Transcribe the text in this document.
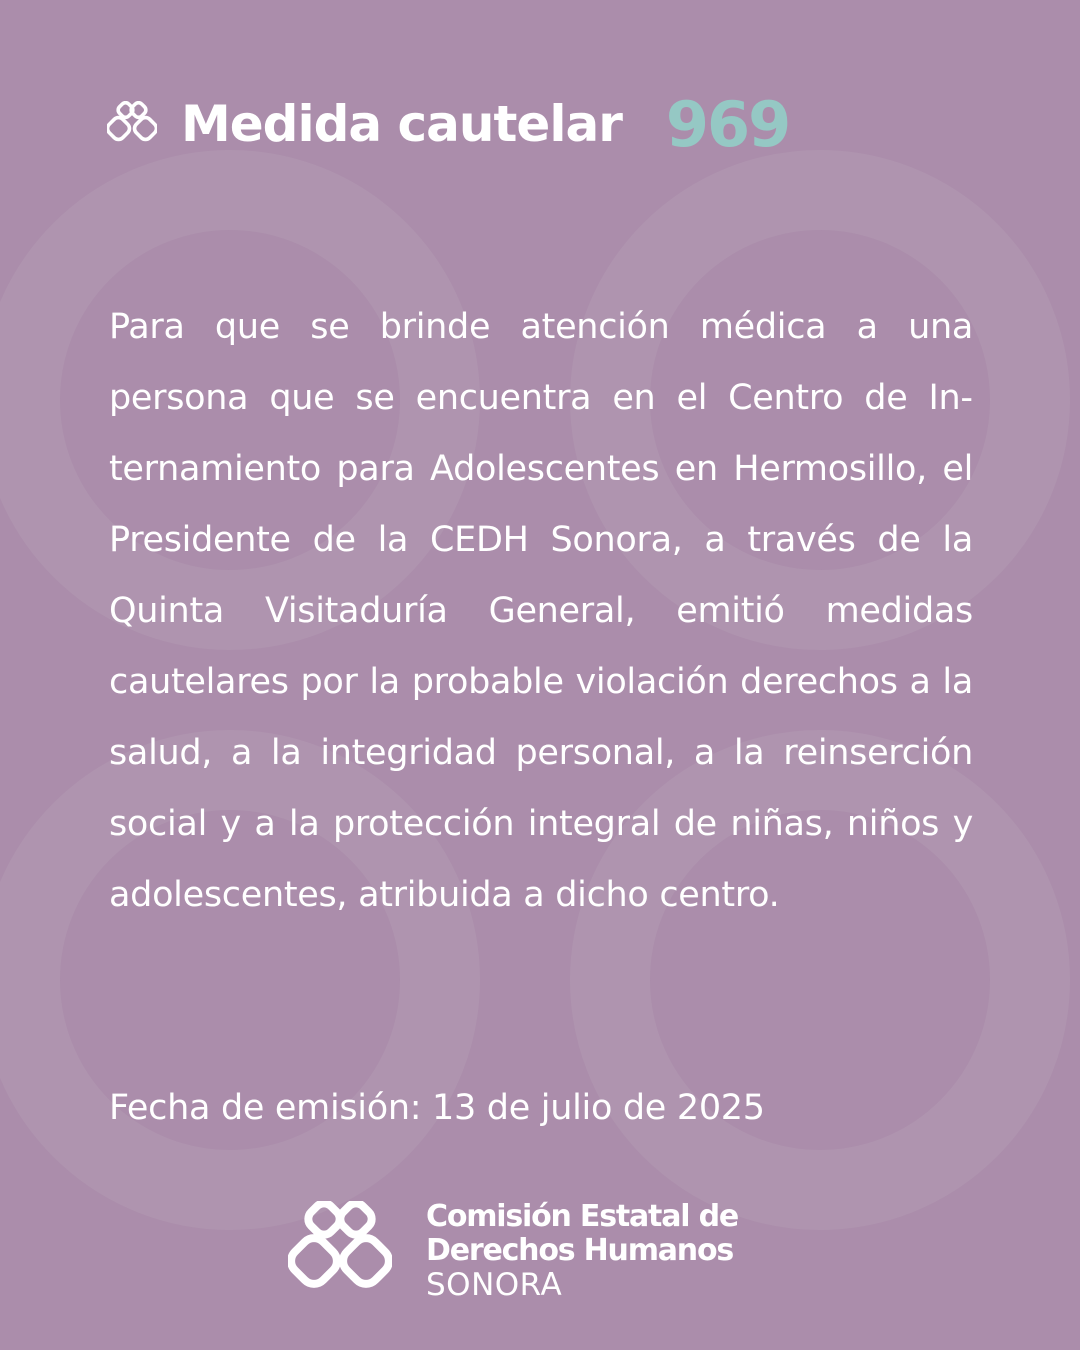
Medida cautelar 969

Para que se brinde atención médica a una persona que se encuentra en el Centro de Internamiento para Adolescentes en Hermosillo, el Presidente de la CEDH Sonora, a través de la Quinta Visitaduría General, emitió medidas cautelares por la probable violación derechos a la salud, a la integridad personal, a la reinserción social y a la protección integral de niñas, niños y adolescentes, atribuida a dicho centro.

Fecha de emisión: 13 de julio de 2025
Comisión Estatal de
Derechos Humanos
SONORA
